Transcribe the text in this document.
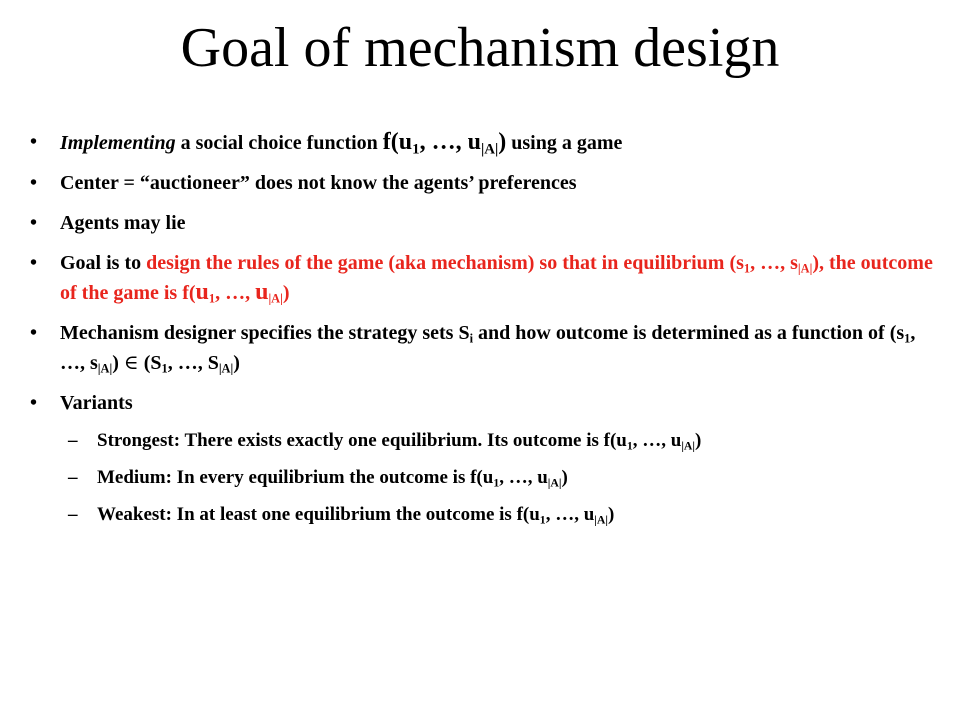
Goal of mechanism design
•	Implementing a social choice function $f(u_1$, …, $u_{|A|}$) using a game
•	Center = “auctioneer” does not know the agents’ preferences
•	Agents may lie
•	Goal is to design the rules of the game (aka mechanism) so that in equilibrium ($s_1$, …, $s_{|A|}$), the outcome of the game is $f(u_1$, …, $u_{|A|}$)
•	Mechanism designer specifies the strategy sets $S_i$ and how outcome is determined as a function of ($s_1$, …, $s_{|A|}$) ∈ ($S_1$, …, $S_{|A|}$)
•	Variants
– Strongest: There exists exactly one equilibrium. Its outcome is $f(u_1$, …, $u_{|A|}$)
– Medium: In every equilibrium the outcome is $f(u_1$, …, $u_{|A|}$)
– Weakest: In at least one equilibrium the outcome is $f(u_1$, …, $u_{|A|}$)
